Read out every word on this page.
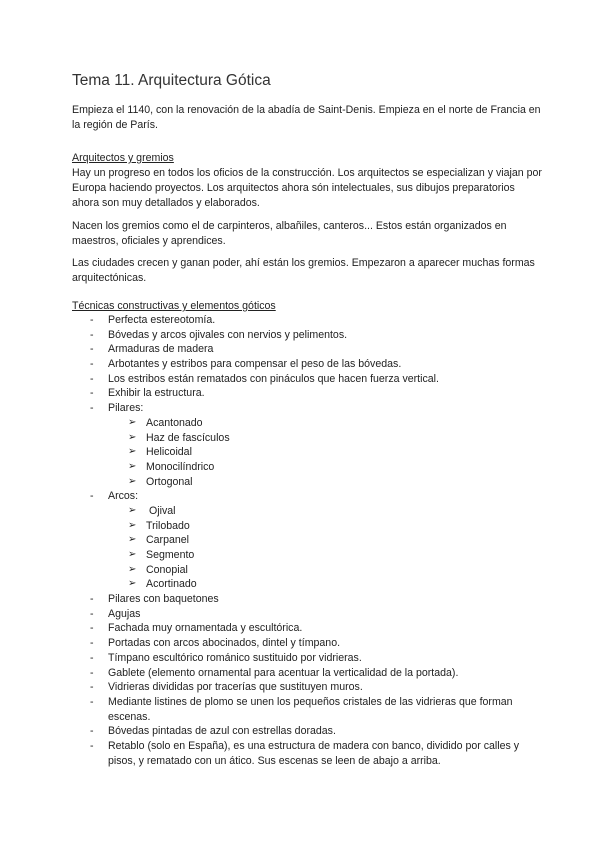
Tema 11. Arquitectura Gótica
Empieza el 1140, con la renovación de la abadía de Saint-Denis. Empieza en el norte de Francia en la región de París.
Arquitectos y gremios
Hay un progreso en todos los oficios de la construcción. Los arquitectos se especializan y viajan por Europa haciendo proyectos. Los arquitectos ahora són intelectuales, sus dibujos preparatorios ahora son muy detallados y elaborados.
Nacen los gremios como el de carpinteros, albañiles, canteros... Estos están organizados en maestros, oficiales y aprendices.
Las ciudades crecen y ganan poder, ahí están los gremios. Empezaron a aparecer muchas formas arquitectónicas.
Técnicas constructivas y elementos góticos
- Perfecta estereotomía.
- Bóvedas y arcos ojivales con nervios y pelimentos.
- Armaduras de madera
- Arbotantes y estribos para compensar el peso de las bóvedas.
- Los estribos están rematados con pináculos que hacen fuerza vertical.
- Exhibir la estructura.
- Pilares:
➢ Acantonado
➢ Haz de fascículos
➢ Helicoidal
➢ Monocilíndrico
➢ Ortogonal
- Arcos:
➢ Ojival
➢ Trilobado
➢ Carpanel
➢ Segmento
➢ Conopial
➢ Acortinado
- Pilares con baquetones
- Agujas
- Fachada muy ornamentada y escultórica.
- Portadas con arcos abocinados, dintel y tímpano.
- Tímpano escultórico románico sustituido por vidrieras.
- Gablete (elemento ornamental para acentuar la verticalidad de la portada).
- Vidrieras divididas por tracerías que sustituyen muros.
- Mediante listines de plomo se unen los pequeños cristales de las vidrieras que forman escenas.
- Bóvedas pintadas de azul con estrellas doradas.
- Retablo (solo en España), es una estructura de madera con banco, dividido por calles y pisos, y rematado con un ático. Sus escenas se leen de abajo a arriba.
